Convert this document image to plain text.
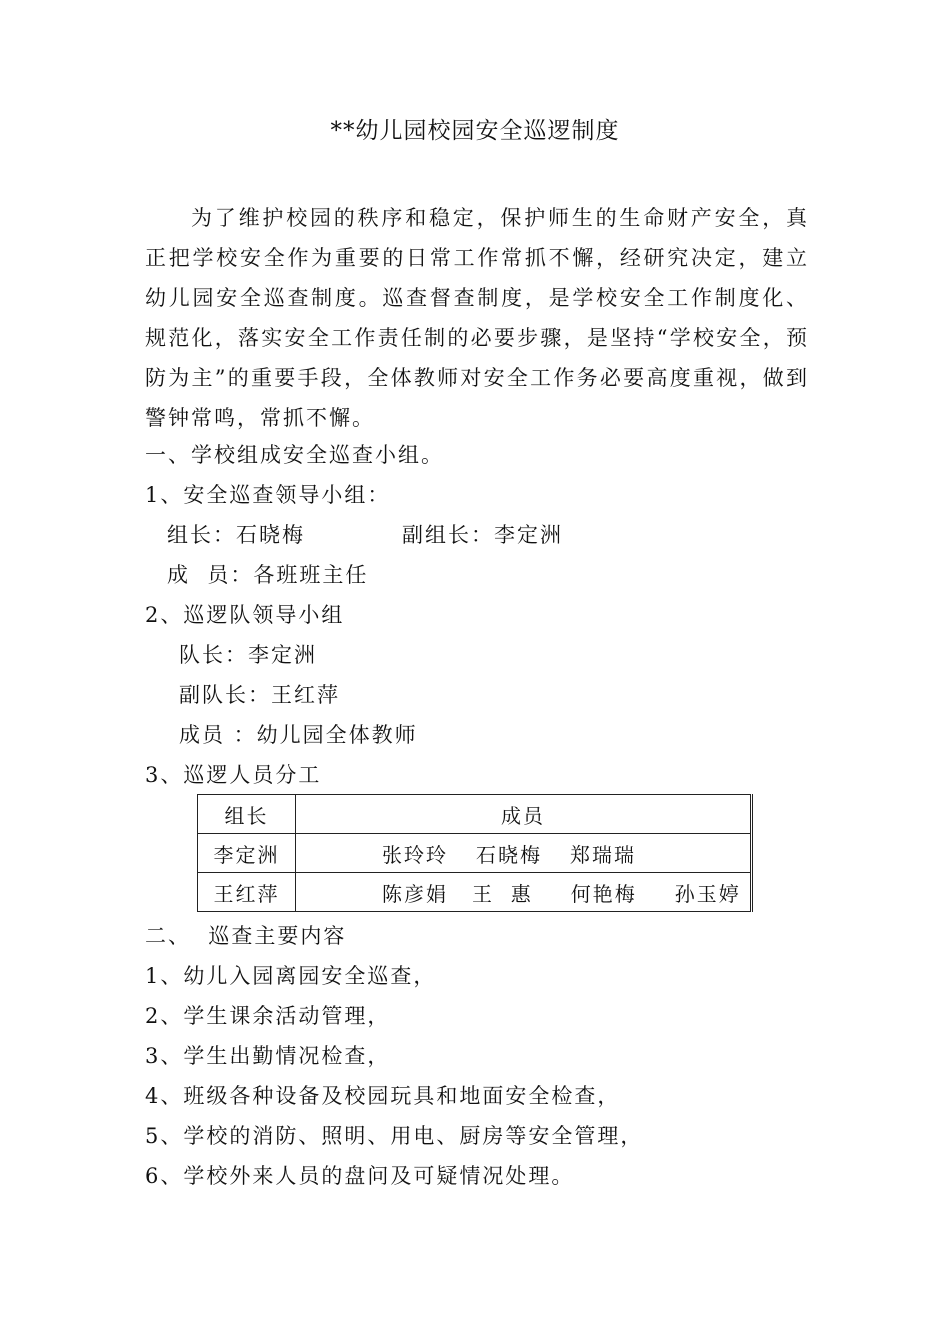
**幼儿园校园安全巡逻制度

为了维护校园的秩序和稳定，保护师生的生命财产安全，真正把学校安全作为重要的日常工作常抓不懈，经研究决定，建立幼儿园安全巡查制度。巡查督查制度，是学校安全工作制度化、规范化，落实安全工作责任制的必要步骤，是坚持“学校安全，预防为主”的重要手段，全体教师对安全工作务必要高度重视，做到警钟常鸣，常抓不懈。

一、学校组成安全巡查小组。
1、安全巡查领导小组：
组长：石晓梅	副组长：李定洲
成  员：各班班主任
2、巡逻队领导小组
队长：李定洲
副队长：王红萍
成员 ：幼儿园全体教师
3、巡逻人员分工
组长	成员
李定洲	张玲玲 石晓梅 郑瑞瑞
王红萍	陈彦娟 王  惠 何艳梅 孙玉婷
二、  巡查主要内容
1、幼儿入园离园安全巡查，
2、学生课余活动管理，
3、学生出勤情况检查，
4、班级各种设备及校园玩具和地面安全检查，
5、学校的消防、照明、用电、厨房等安全管理，
6、学校外来人员的盘问及可疑情况处理。
